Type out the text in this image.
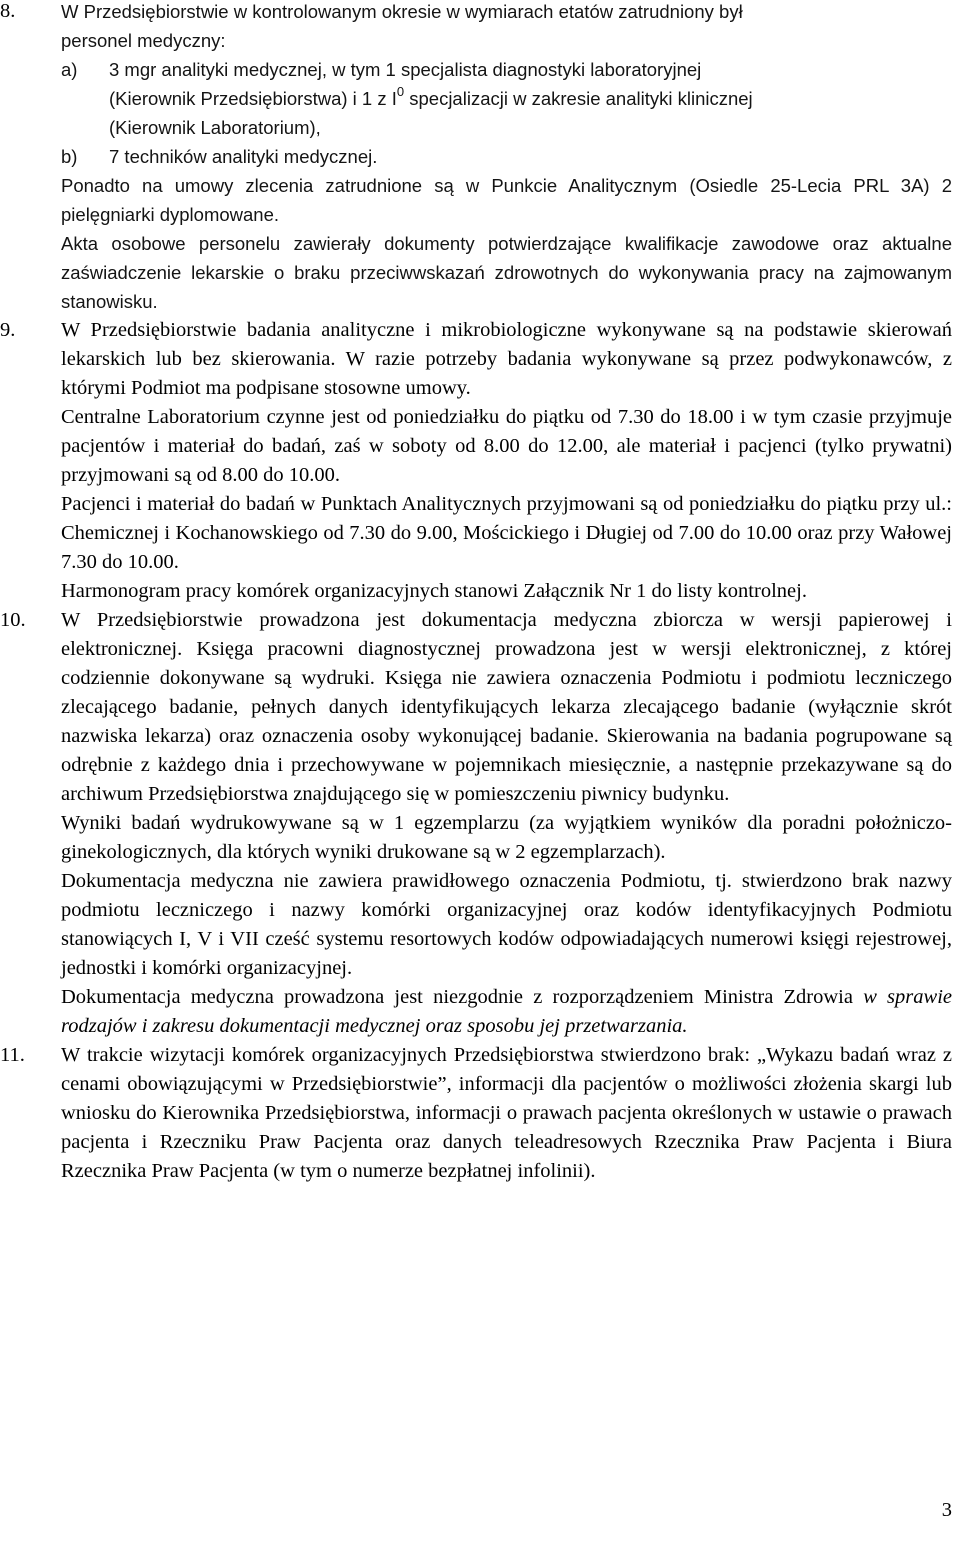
8.	W Przedsiębiorstwie w kontrolowanym okresie w wymiarach etatów zatrudniony był
personel medyczny:

a) 3 mgr analityki medycznej, w tym 1 specjalista diagnostyki laboratoryjnej
(Kierownik Przedsiębiorstwa) i 1 z $I^0$ specjalizacji w zakresie analityki klinicznej
(Kierownik Laboratorium),

b) 7 techników analityki medycznej.

Ponadto na umowy zlecenia zatrudnione są w Punkcie Analitycznym (Osiedle 25-Lecia PRL 3A) 2 pielęgniarki dyplomowane.

Akta osobowe personelu zawierały dokumenty potwierdzające kwalifikacje zawodowe oraz aktualne zaświadczenie lekarskie o braku przeciwwskazań zdrowotnych do wykonywania pracy na zajmowanym stanowisku.

9.	W Przedsiębiorstwie badania analityczne i mikrobiologiczne wykonywane są na podstawie skierowań lekarskich lub bez skierowania. W razie potrzeby badania wykonywane są przez podwykonawców, z którymi Podmiot ma podpisane stosowne umowy.

Centralne Laboratorium czynne jest od poniedziałku do piątku od 7.30 do 18.00 i w tym czasie przyjmuje pacjentów i materiał do badań, zaś w soboty od 8.00 do 12.00, ale materiał i pacjenci (tylko prywatni) przyjmowani są od 8.00 do 10.00.

Pacjenci i materiał do badań w Punktach Analitycznych przyjmowani są od poniedziałku do piątku przy ul.: Chemicznej i Kochanowskiego od 7.30 do 9.00, Mościckiego i Długiej od 7.00 do 10.00 oraz przy Wałowej 7.30 do 10.00.

Harmonogram pracy komórek organizacyjnych stanowi Załącznik Nr 1 do listy kontrolnej.

10.	W Przedsiębiorstwie prowadzona jest dokumentacja medyczna zbiorcza w wersji papierowej i elektronicznej. Księga pracowni diagnostycznej prowadzona jest w wersji elektronicznej, z której codziennie dokonywane są wydruki. Księga nie zawiera oznaczenia Podmiotu i podmiotu leczniczego zlecającego badanie, pełnych danych identyfikujących lekarza zlecającego badanie (wyłącznie skrót nazwiska lekarza) oraz oznaczenia osoby wykonującej badanie. Skierowania na badania pogrupowane są odrębnie z każdego dnia i przechowywane w pojemnikach miesięcznie, a następnie przekazywane są do archiwum Przedsiębiorstwa znajdującego się w pomieszczeniu piwnicy budynku.

Wyniki badań wydrukowywane są w 1 egzemplarzu (za wyjątkiem wyników dla poradni położniczo-ginekologicznych, dla których wyniki drukowane są w 2 egzemplarzach).

Dokumentacja medyczna nie zawiera prawidłowego oznaczenia Podmiotu, tj. stwierdzono brak nazwy podmiotu leczniczego i nazwy komórki organizacyjnej oraz kodów identyfikacyjnych Podmiotu stanowiących I, V i VII cześć systemu resortowych kodów odpowiadających numerowi księgi rejestrowej, jednostki i komórki organizacyjnej.

Dokumentacja medyczna prowadzona jest niezgodnie z rozporządzeniem Ministra Zdrowia w sprawie rodzajów i zakresu dokumentacji medycznej oraz sposobu jej przetwarzania.

11.	W trakcie wizytacji komórek organizacyjnych Przedsiębiorstwa stwierdzono brak: „Wykazu badań wraz z cenami obowiązującymi w Przedsiębiorstwie”, informacji dla pacjentów o możliwości złożenia skargi lub wniosku do Kierownika Przedsiębiorstwa, informacji o prawach pacjenta określonych w ustawie o prawach pacjenta i Rzeczniku Praw Pacjenta oraz danych teleadresowych Rzecznika Praw Pacjenta i Biura Rzecznika Praw Pacjenta (w tym o numerze bezpłatnej infolinii).

3
